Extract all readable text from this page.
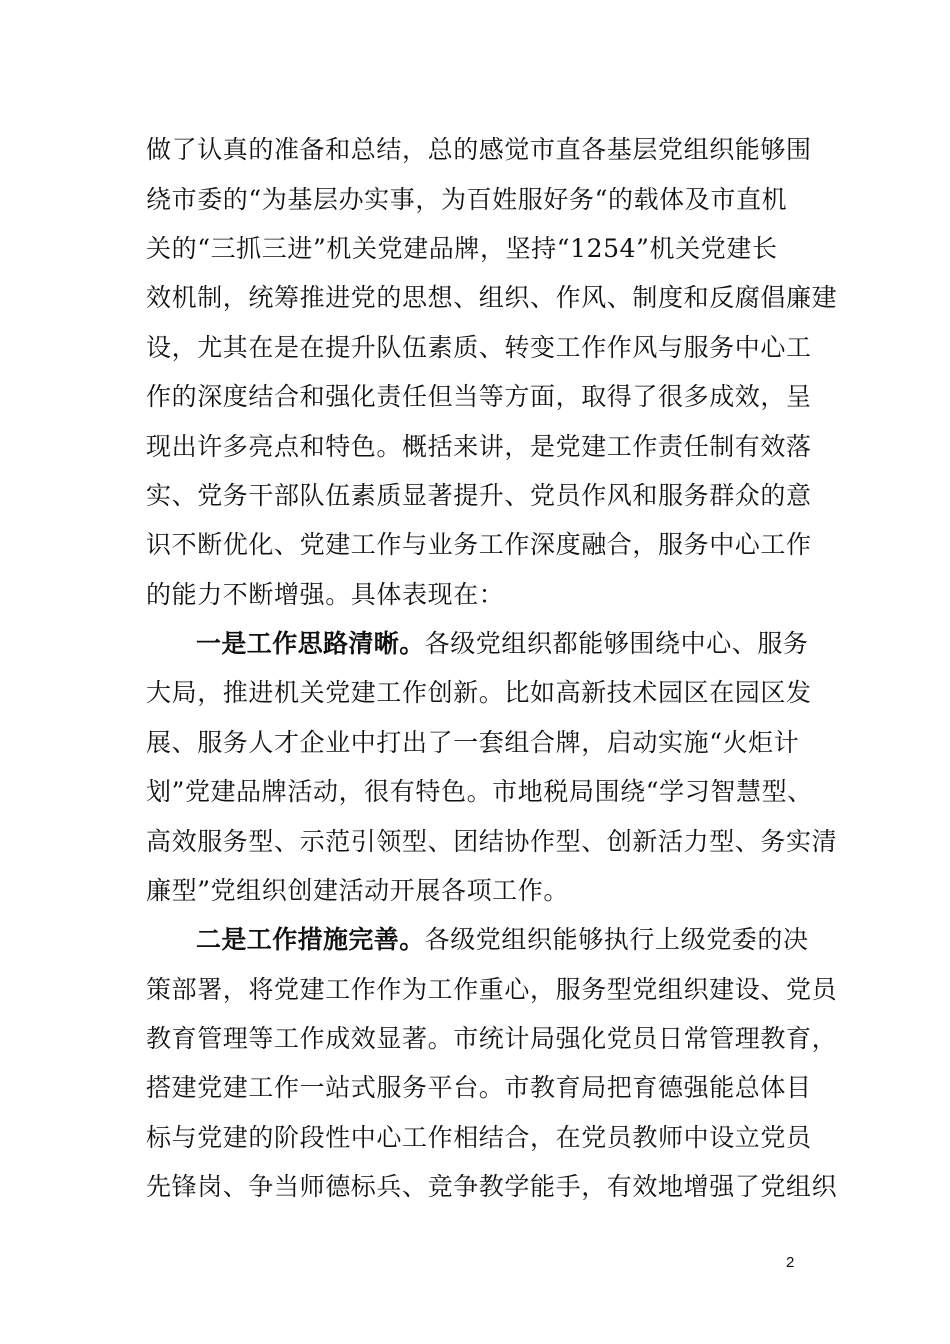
做了认真的准备和总结，总的感觉市直各基层党组织能够围
绕市委的“为基层办实事，为百姓服好务“的载体及市直机
关的“三抓三进”机关党建品牌，坚持“1254”机关党建长
效机制，统筹推进党的思想、组织、作风、制度和反腐倡廉建
设，尤其在是在提升队伍素质、转变工作作风与服务中心工
作的深度结合和强化责任但当等方面，取得了很多成效，呈
现出许多亮点和特色。概括来讲，是党建工作责任制有效落
实、党务干部队伍素质显著提升、党员作风和服务群众的意
识不断优化、党建工作与业务工作深度融合，服务中心工作
的能力不断增强。具体表现在：
一是工作思路清晰。各级党组织都能够围绕中心、服务
大局，推进机关党建工作创新。比如高新技术园区在园区发
展、服务人才企业中打出了一套组合牌，启动实施“火炬计
划”党建品牌活动，很有特色。市地税局围绕“学习智慧型、
高效服务型、示范引领型、团结协作型、创新活力型、务实清
廉型”党组织创建活动开展各项工作。
二是工作措施完善。各级党组织能够执行上级党委的决
策部署，将党建工作作为工作重心，服务型党组织建设、党员
教育管理等工作成效显著。市统计局强化党员日常管理教育，
搭建党建工作一站式服务平台。市教育局把育德强能总体目
标与党建的阶段性中心工作相结合，在党员教师中设立党员
先锋岗、争当师德标兵、竞争教学能手，有效地增强了党组织
2
